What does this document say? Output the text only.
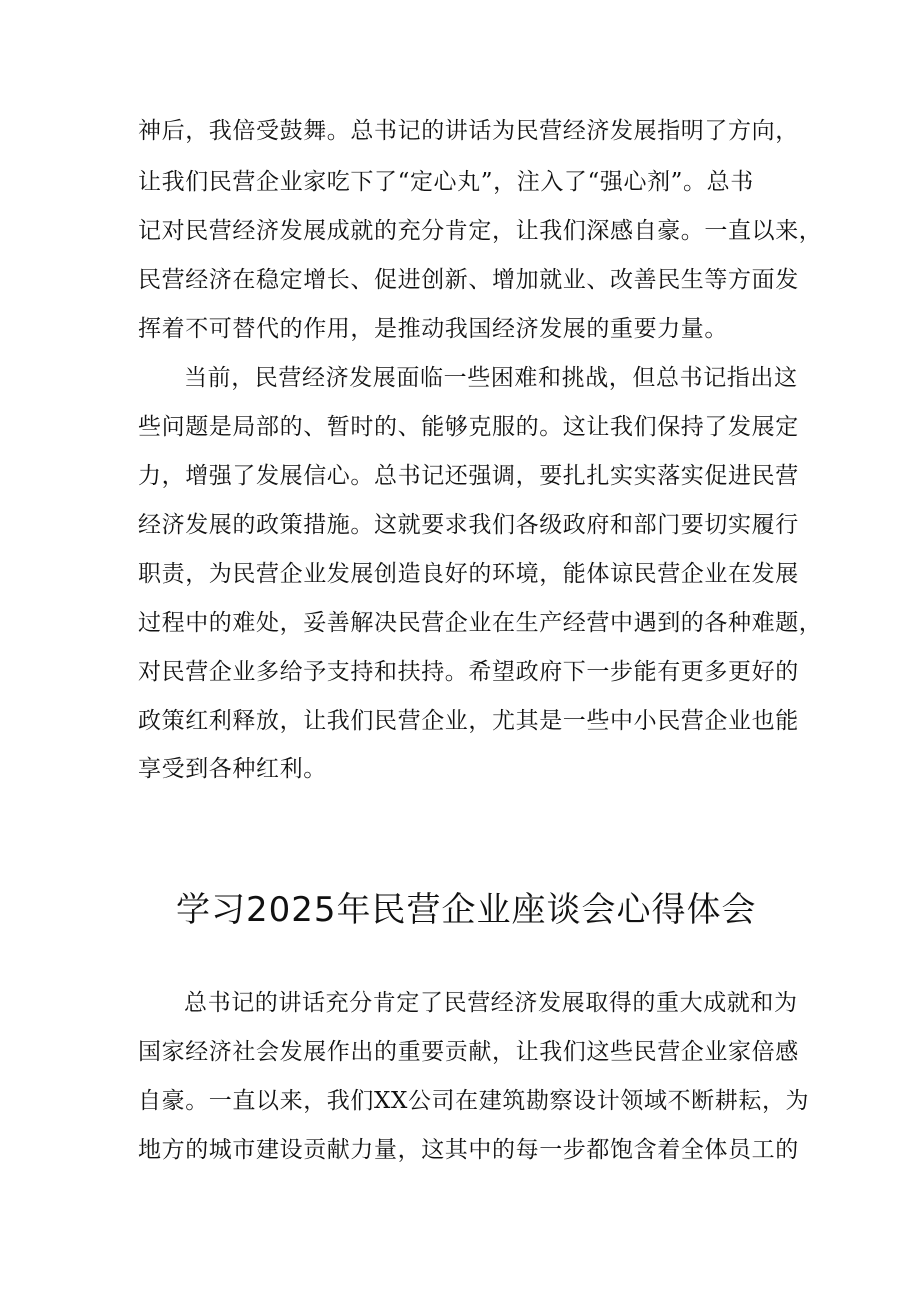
神后，我倍受鼓舞。总书记的讲话为民营经济发展指明了方向，
让我们民营企业家吃下了“定心丸”，注入了“强心剂”。总书
记对民营经济发展成就的充分肯定，让我们深感自豪。一直以来，
民营经济在稳定增长、促进创新、增加就业、改善民生等方面发
挥着不可替代的作用，是推动我国经济发展的重要力量。
当前，民营经济发展面临一些困难和挑战，但总书记指出这
些问题是局部的、暂时的、能够克服的。这让我们保持了发展定
力，增强了发展信心。总书记还强调，要扎扎实实落实促进民营
经济发展的政策措施。这就要求我们各级政府和部门要切实履行
职责，为民营企业发展创造良好的环境，能体谅民营企业在发展
过程中的难处，妥善解决民营企业在生产经营中遇到的各种难题，
对民营企业多给予支持和扶持。希望政府下一步能有更多更好的
政策红利释放，让我们民营企业，尤其是一些中小民营企业也能
享受到各种红利。
学习2025年民营企业座谈会心得体会
总书记的讲话充分肯定了民营经济发展取得的重大成就和为
国家经济社会发展作出的重要贡献，让我们这些民营企业家倍感
自豪。一直以来，我们XX公司在建筑勘察设计领域不断耕耘，为
地方的城市建设贡献力量，这其中的每一步都饱含着全体员工的
